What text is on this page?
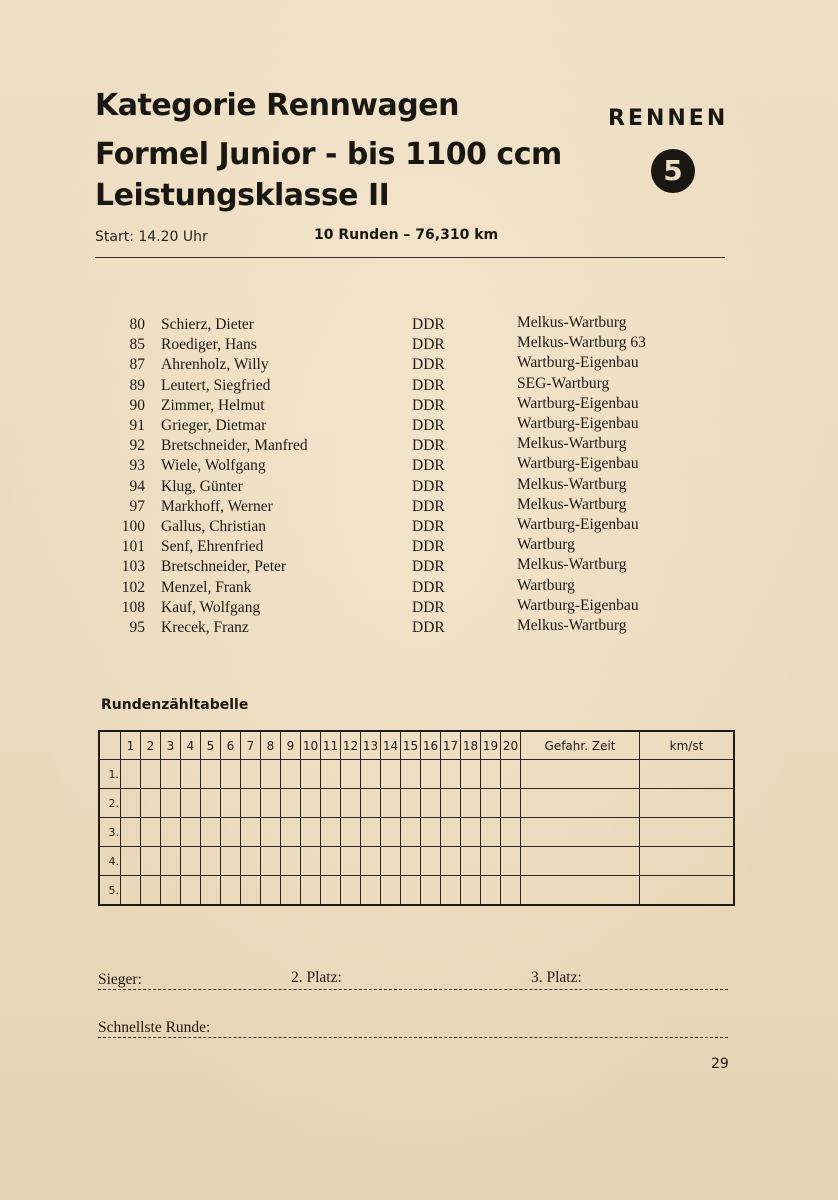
Kategorie Rennwagen
Formel Junior - bis 1100 ccm
Leistungsklasse II
RENNEN
5
Start: 14.20 Uhr	10 Runden – 76,310 km
80 Schierz, Dieter	DDR	Melkus-Wartburg
85 Roediger, Hans	DDR	Melkus-Wartburg 63
87 Ahrenholz, Willy	DDR	Wartburg-Eigenbau
89 Leutert, Siegfried	DDR	SEG-Wartburg
90 Zimmer, Helmut	DDR	Wartburg-Eigenbau
91 Grieger, Dietmar	DDR	Wartburg-Eigenbau
92 Bretschneider, Manfred	DDR	Melkus-Wartburg
93 Wiele, Wolfgang	DDR	Wartburg-Eigenbau
94 Klug, Günter	DDR	Melkus-Wartburg
97 Markhoff, Werner	DDR	Melkus-Wartburg
100 Gallus, Christian	DDR	Wartburg-Eigenbau
101 Senf, Ehrenfried	DDR	Wartburg
103 Bretschneider, Peter	DDR	Melkus-Wartburg
102 Menzel, Frank	DDR	Wartburg
108 Kauf, Wolfgang	DDR	Wartburg-Eigenbau
95 Krecek, Franz	DDR	Melkus-Wartburg
Rundenzähltabelle
	1	2	3	4	5	6	7	8	9	10	11	12	13	14	15	16	17	18	19	20	Gefahr. Zeit	km/st
1.																						
2.																						
3.																						
4.																						
5.																						
Sieger:	2. Platz:	3. Platz:
Schnellste Runde:
29
